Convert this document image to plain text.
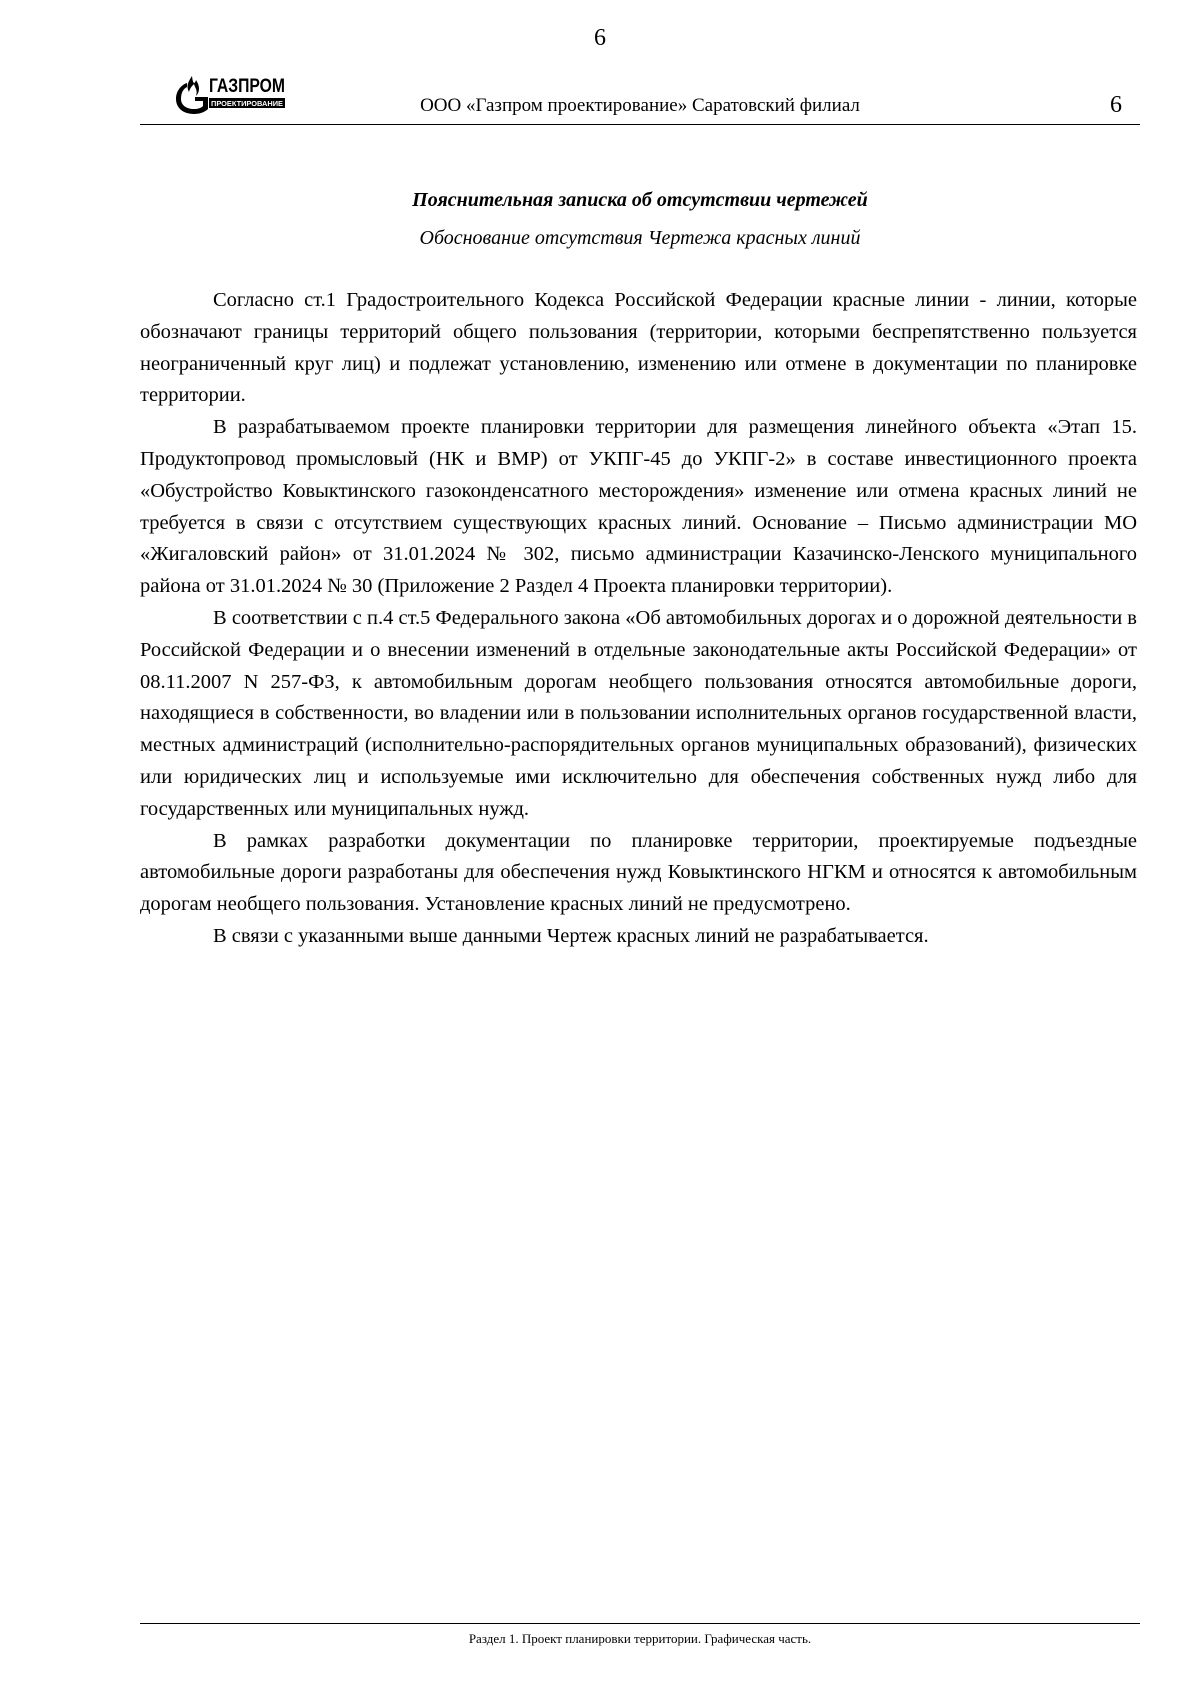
6
ГАЗПРОМ
ПРОЕКТИРОВАНИЕ	ООО «Газпром проектирование» Саратовский филиал	6
Пояснительная записка об отсутствии чертежей
Обоснование отсутствия Чертежа красных линий

Согласно ст.1 Градостроительного Кодекса Российской Федерации красные линии - линии, которые обозначают границы территорий общего пользования (территории, которыми беспрепятственно пользуется неограниченный круг лиц) и подлежат установлению, изменению или отмене в документации по планировке территории.

В разрабатываемом проекте планировки территории для размещения линейного объекта «Этап 15. Продуктопровод промысловый (НК и ВМР) от УКПГ-45 до УКПГ-2» в составе инвестиционного проекта «Обустройство Ковыктинского газоконденсатного месторождения» изменение или отмена красных линий не требуется в связи с отсутствием существующих красных линий. Основание – Письмо администрации МО «Жигаловский район» от 31.01.2024 № 302, письмо администрации Казачинско-Ленского муниципального района от 31.01.2024 № 30 (Приложение 2 Раздел 4 Проекта планировки территории).

В соответствии с п.4 ст.5 Федерального закона «Об автомобильных дорогах и о дорожной деятельности в Российской Федерации и о внесении изменений в отдельные законодательные акты Российской Федерации» от 08.11.2007 N 257-ФЗ, к автомобильным дорогам необщего пользования относятся автомобильные дороги, находящиеся в собственности, во владении или в пользовании исполнительных органов государственной власти, местных администраций (исполнительно-распорядительных органов муниципальных образований), физических или юридических лиц и используемые ими исключительно для обеспечения собственных нужд либо для государственных или муниципальных нужд.

В рамках разработки документации по планировке территории, проектируемые подъездные автомобильные дороги разработаны для обеспечения нужд Ковыктинского НГКМ и относятся к автомобильным дорогам необщего пользования. Установление красных линий не предусмотрено.

В связи с указанными выше данными Чертеж красных линий не разрабатывается.

Раздел 1. Проект планировки территории. Графическая часть.
